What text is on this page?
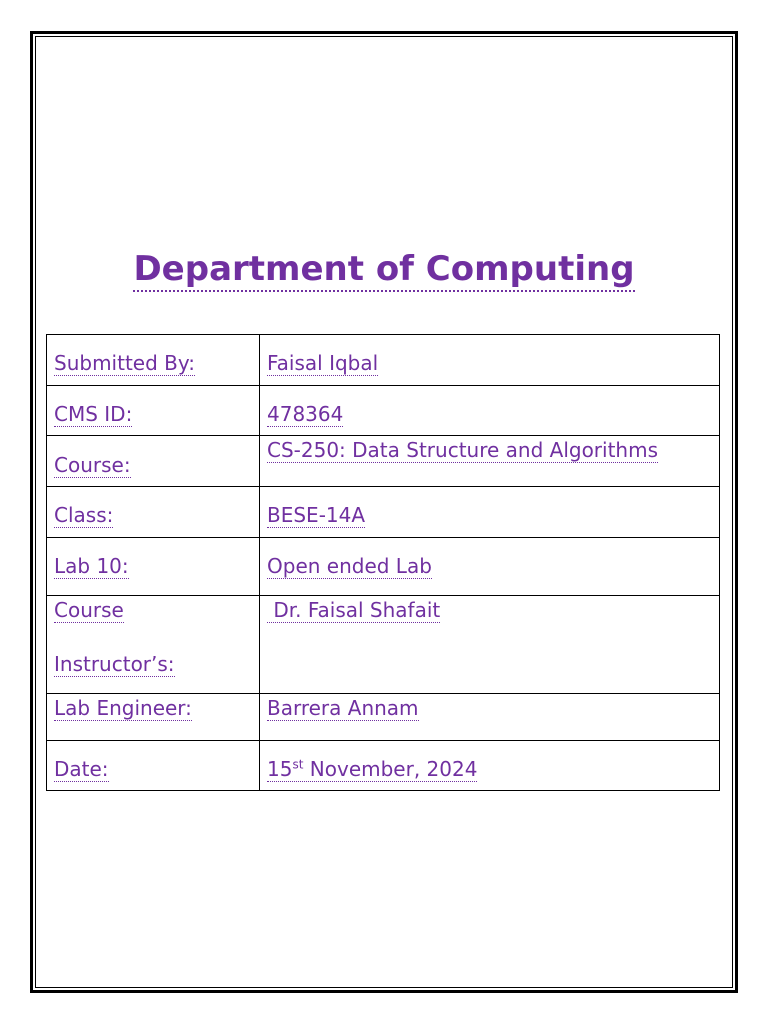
Department of Computing
Submitted By:	Faisal Iqbal
CMS ID:	478364
Course:	CS-250: Data Structure and Algorithms
Class:	BESE-14A
Lab 10:	Open ended Lab

Course
Instructor’s:	Dr. Faisal Shafait
Lab Engineer:	Barrera Annam
Date:	15st November, 2024
